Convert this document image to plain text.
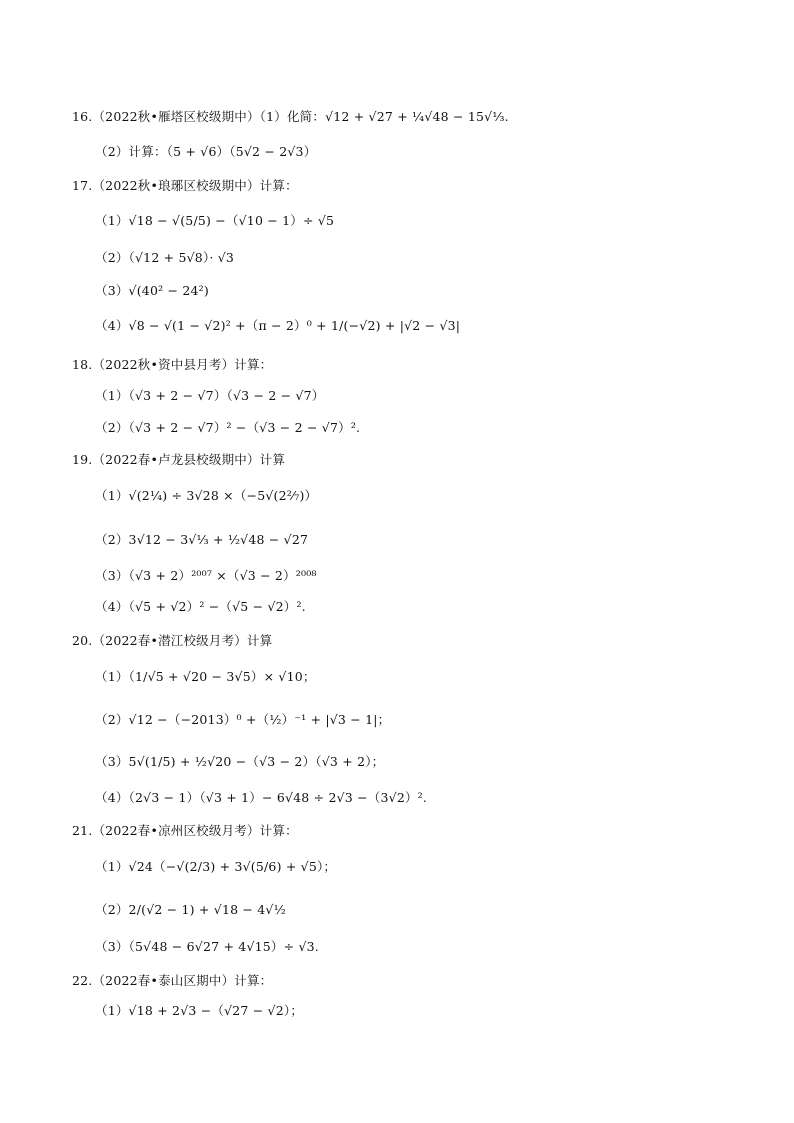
16.（2022秋•雁塔区校级期中）（1）化简：√12 + √27 + ¼√48 − 15√⅓.
（2）计算：（5 + √6）（5√2 − 2√3）
17.（2022秋•琅琊区校级期中）计算：
（1）√18 − √(5/5) −（√10 − 1）÷ √5
（2）（√12 + 5√8）· √3
（3）√(40² − 24²)
（4）√8 − √(1 − √2)² +（π − 2）⁰ + 1/(−√2) + |√2 − √3|
18.（2022秋•资中县月考）计算：
（1）（√3 + 2 − √7）（√3 − 2 − √7）
（2）（√3 + 2 − √7）² −（√3 − 2 − √7）².
19.（2022春•卢龙县校级期中）计算
（1）√(2¼) ÷ 3√28 ×（−5√(2²⁄₇)）
（2）3√12 − 3√⅓ + ½√48 − √27
（3）（√3 + 2）²⁰⁰⁷ ×（√3 − 2）²⁰⁰⁸
（4）（√5 + √2）² −（√5 − √2）².
20.（2022春•潜江校级月考）计算
（1）（1/√5 + √20 − 3√5）× √10；
（2）√12 −（−2013）⁰ +（½）⁻¹ + |√3 − 1|；
（3）5√(1/5) + ½√20 −（√3 − 2）（√3 + 2）；
（4）（2√3 − 1）（√3 + 1）− 6√48 ÷ 2√3 −（3√2）².
21.（2022春•凉州区校级月考）计算：
（1）√24（−√(2/3) + 3√(5/6) + √5）；
（2）2/(√2 − 1) + √18 − 4√½
（3）（5√48 − 6√27 + 4√15）÷ √3.
22.（2022春•泰山区期中）计算：
（1）√18 + 2√3 −（√27 − √2）；
